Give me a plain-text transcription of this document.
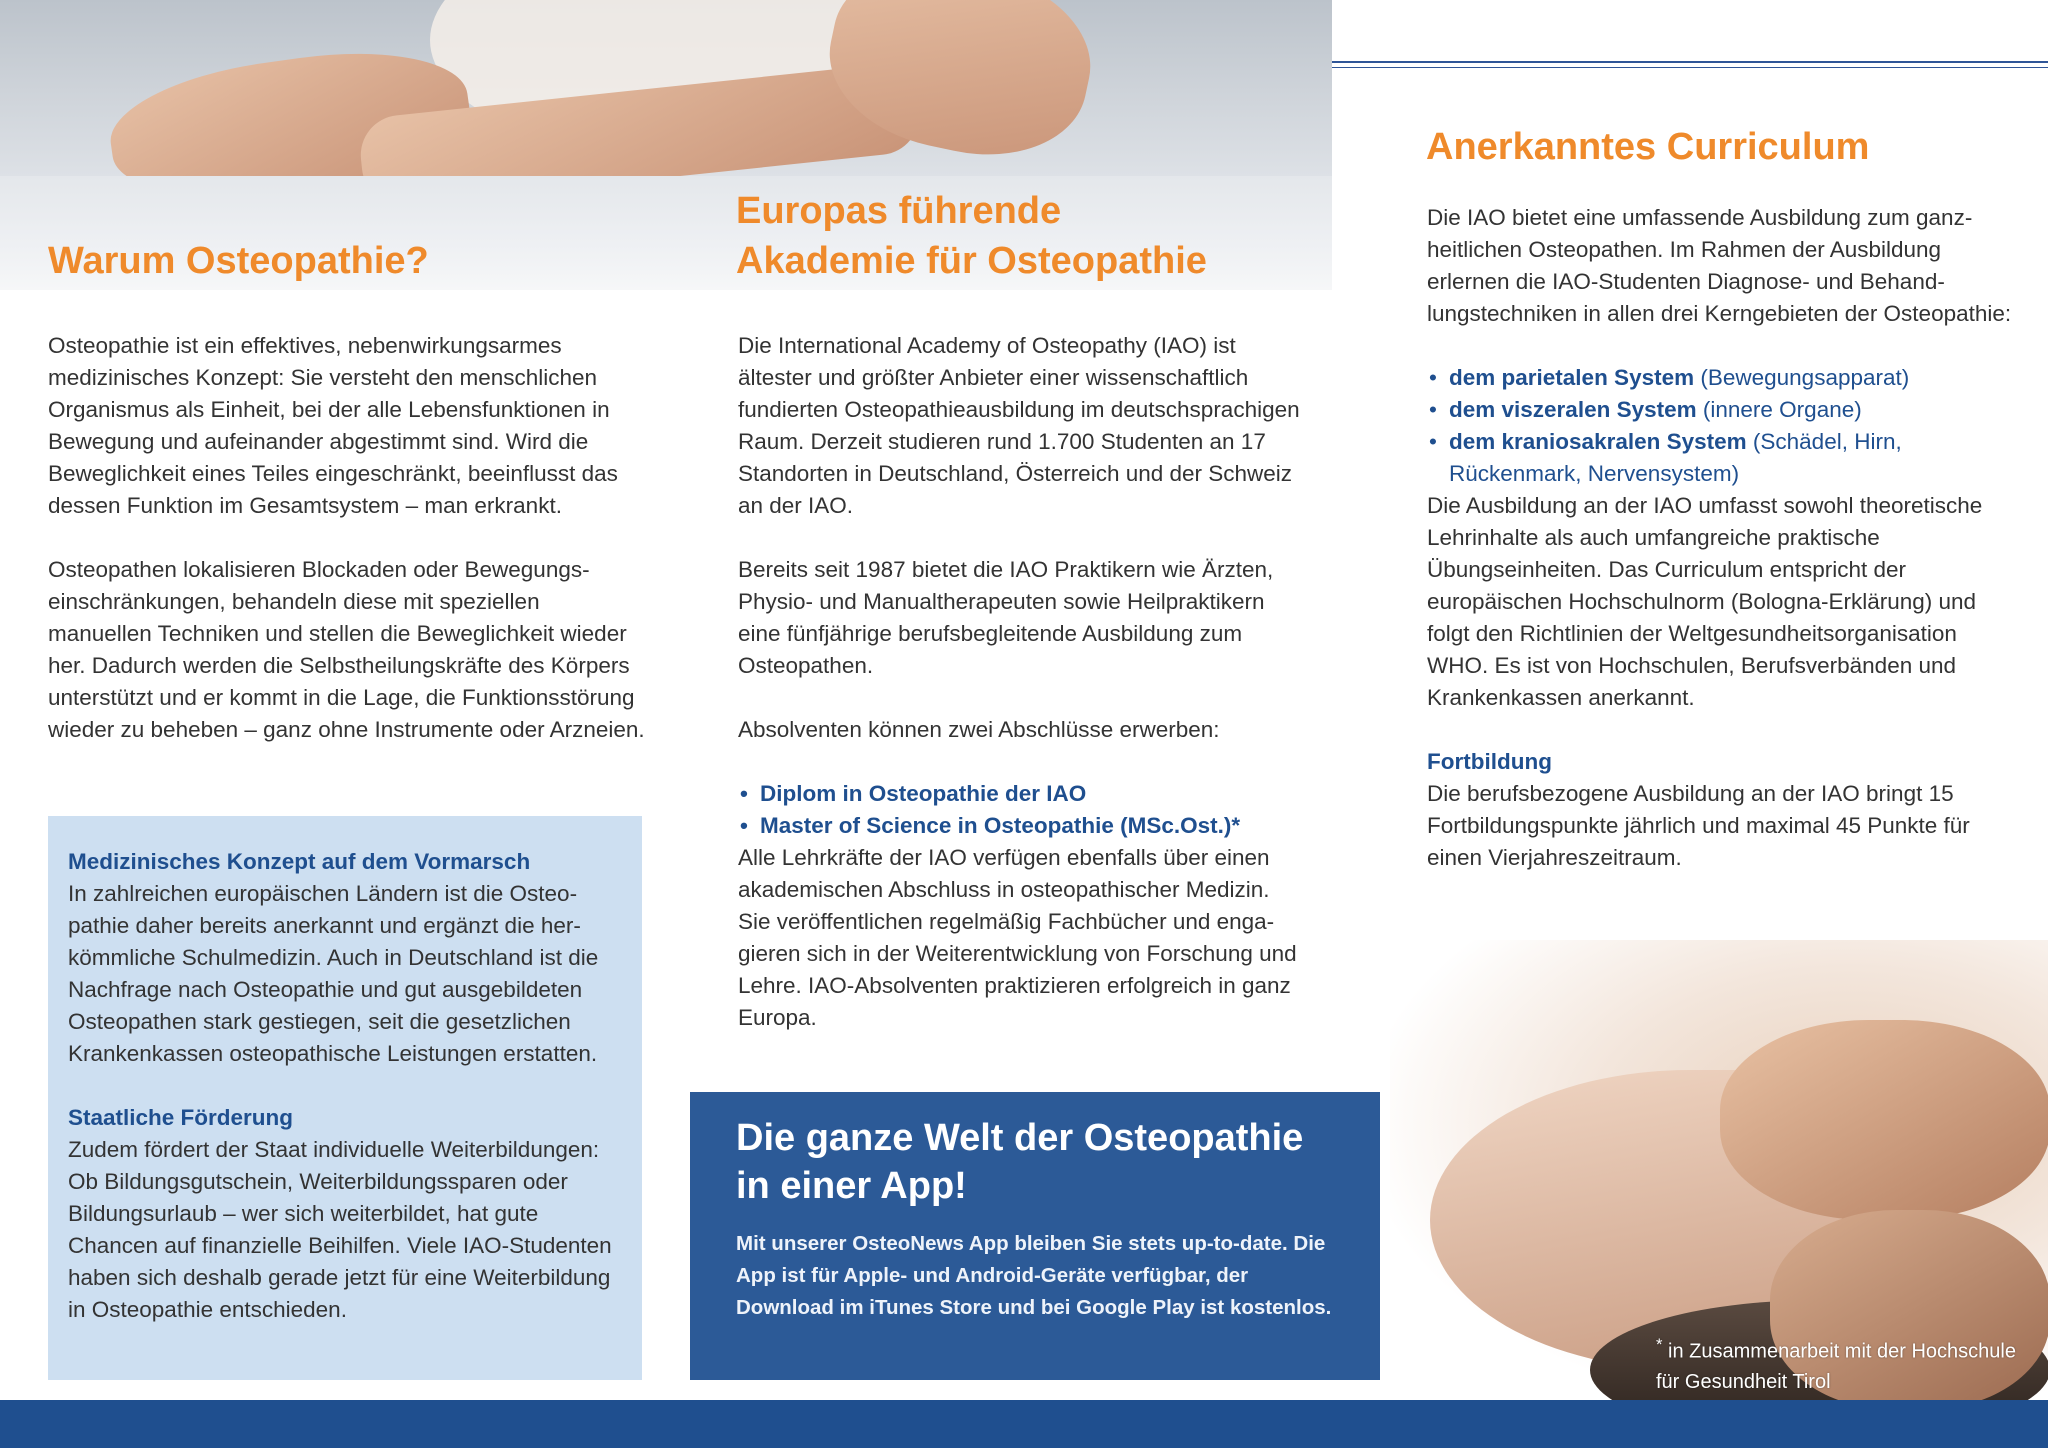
Warum Osteopathie?

Osteopathie ist ein effektives, nebenwirkungsarmes medizinisches Konzept: Sie versteht den menschlichen Organismus als Einheit, bei der alle Lebensfunktionen in Bewegung und aufeinander abgestimmt sind. Wird die Beweglichkeit eines Teiles eingeschränkt, beeinflusst das dessen Funktion im Gesamtsystem – man erkrankt.

Osteopathen lokalisieren Blockaden oder Bewegungseinschränkungen, behandeln diese mit speziellen manuellen Techniken und stellen die Beweglichkeit wieder her. Dadurch werden die Selbstheilungskräfte des Körpers unterstützt und er kommt in die Lage, die Funktionsstörung wieder zu beheben – ganz ohne Instrumente oder Arzneien.

Medizinisches Konzept auf dem Vormarsch

In zahlreichen europäischen Ländern ist die Osteopathie daher bereits anerkannt und ergänzt die herkömmliche Schulmedizin. Auch in Deutschland ist die Nachfrage nach Osteopathie und gut ausgebildeten Osteopathen stark gestiegen, seit die gesetzlichen Krankenkassen osteopathische Leistungen erstatten.

Staatliche Förderung

Zudem fördert der Staat individuelle Weiterbildungen: Ob Bildungsgutschein, Weiterbildungssparen oder Bildungsurlaub – wer sich weiterbildet, hat gute Chancen auf finanzielle Beihilfen. Viele IAO-Studenten haben sich deshalb gerade jetzt für eine Weiterbildung in Osteopathie entschieden.

Europas führende
Akademie für Osteopathie

Die International Academy of Osteopathy (IAO) ist ältester und größter Anbieter einer wissenschaftlich fundierten Osteopathieausbildung im deutschsprachigen Raum. Derzeit studieren rund 1.700 Studenten an 17 Standorten in Deutschland, Österreich und der Schweiz an der IAO.

Bereits seit 1987 bietet die IAO Praktikern wie Ärzten, Physio- und Manualtherapeuten sowie Heilpraktikern eine fünfjährige berufsbegleitende Ausbildung zum Osteopathen.

Absolventen können zwei Abschlüsse erwerben:

• Diplom in Osteopathie der IAO
• Master of Science in Osteopathie (MSc.Ost.)*

Alle Lehrkräfte der IAO verfügen ebenfalls über einen akademischen Abschluss in osteopathischer Medizin. Sie veröffentlichen regelmäßig Fachbücher und engagieren sich in der Weiterentwicklung von Forschung und Lehre. IAO-Absolventen praktizieren erfolgreich in ganz Europa.

Die ganze Welt der Osteopathie
in einer App!

Mit unserer OsteoNews App bleiben Sie stets up-to-date. Die App ist für Apple- und Android-Geräte verfügbar, der Download im iTunes Store und bei Google Play ist kostenlos.

Anerkanntes Curriculum

Die IAO bietet eine umfassende Ausbildung zum ganzheitlichen Osteopathen. Im Rahmen der Ausbildung erlernen die IAO-Studenten Diagnose- und Behandlungstechniken in allen drei Kerngebieten der Osteopathie:

• dem parietalen System (Bewegungsapparat)
• dem viszeralen System (innere Organe)
• dem kraniosakralen System (Schädel, Hirn, Rückenmark, Nervensystem)

Die Ausbildung an der IAO umfasst sowohl theoretische Lehrinhalte als auch umfangreiche praktische Übungseinheiten. Das Curriculum entspricht der europäischen Hochschulnorm (Bologna-Erklärung) und folgt den Richtlinien der Weltgesundheitsorganisation WHO. Es ist von Hochschulen, Berufsverbänden und Krankenkassen anerkannt.

Fortbildung

Die berufsbezogene Ausbildung an der IAO bringt 15 Fortbildungspunkte jährlich und maximal 45 Punkte für einen Vierjahreszeitraum.

* in Zusammenarbeit mit der Hochschule für Gesundheit Tirol
